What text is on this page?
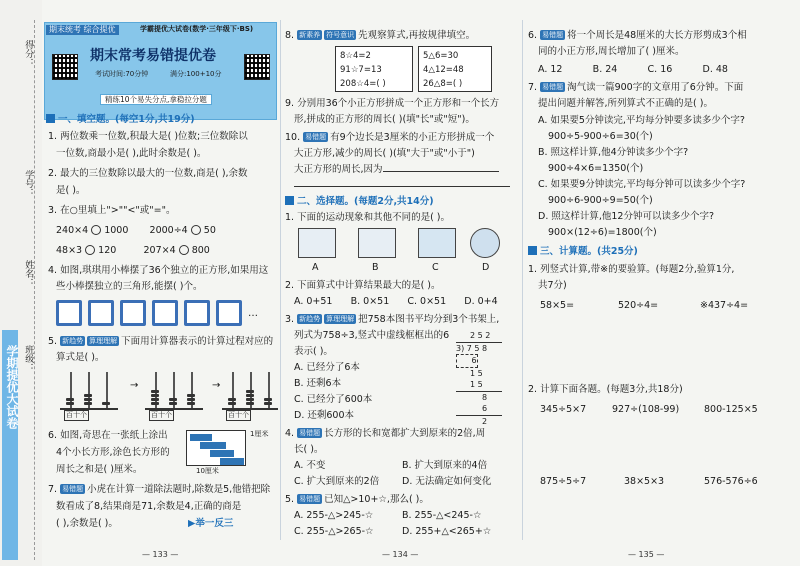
学期提优大试卷
得分：
学号：
姓名：
班级：
期末统考 综合提优	学霸提优大试卷(数学·三年级下·BS)
期末常考易错提优卷
考试时间:70分钟	满分:100+10分
精练10个易失分点,拿稳拉分题
一、填空题。(每空1分,共19分)
1. 两位数乘一位数,积最大是( )位数;三位数除以
一位数,商最小是( ),此时余数是( )。
2. 最大的三位数除以最大的一位数,商是( ),余数
是( )。
3. 在○里填上">""<"或"="。
240×4 1000 2000÷4 50
48×3 120	207×4 800
4. 如图,琪琪用小棒摆了36个独立的正方形,如果用这
些小棒摆独立的三角形,能摆( )个。
…
5. 新趋势 算理理解 下面用计算器表示的计算过程对应的
算式是( )。
百十个
→
百十个
→
百十个
6. 如图,奇思在一张纸上涂出
4个小长方形,涂色长方形的
周长之和是( )厘米。
1厘米
10厘米
7. 易错题 小虎在计算一道除法题时,除数是5,他错把除
数看成了8,结果商是71,余数是4,正确的商是
( ),余数是( )。	▶举一反三
— 133 —
8. 新素养 符号意识 先观察算式,再按规律填空。
8☆4=2
91☆7=13
208☆4=( )
5△6=30
4△12=48
26△8=( )
9. 分别用36个小正方形拼成一个正方形和一个长方
形,拼成的正方形的周长( )(填"长"或"短")。
10. 易错题 有9个边长是3厘米的小正方形拼成一个
大正方形,减少的周长( )(填"大于"或"小于")
大正方形的周长,因为
二、选择题。(每题2分,共14分)
1. 下面的运动现象和其他不同的是( )。
A	B	C	D
2. 下面算式中计算结果最大的是( )。
A. 0+51 B. 0×51 C. 0×51 D. 0+4
3. 新趋势 算理理解 把758本图书平均分到3个书架上,
列式为758÷3,竖式中虚线框框出的6
表示( )。
A. 已经分了6本
B. 还剩6本
C. 已经分了600本
D. 还剩600本
2 5 2
3) 7 5 8
6
1 5
1 5
8
6
2
4. 易错题 长方形的长和宽都扩大到原来的2倍,周
长( )。
A. 不变	B. 扩大到原来的4倍
C. 扩大到原来的2倍 D. 无法确定如何变化
5. 易错题 已知△>10+☆,那么( )。
A. 255-△>245-☆	B. 255-△<245-☆
C. 255-△>265-☆	D. 255+△<265+☆
— 134 —
6. 易错题 将一个周长是48厘米的大长方形剪成3个相
同的小正方形,周长增加了( )厘米。
A. 12	B. 24	C. 16	D. 48
7. 易错题 淘气读一篇900字的文章用了6分钟。下面
提出问题并解答,所列算式不正确的是( )。
A. 如果要5分钟读完,平均每分钟要多读多少个字?
900÷5-900÷6=30(个)
B. 照这样计算,他4分钟读多少个字?
900÷4×6=1350(个)
C. 如果要9分钟读完,平均每分钟可以读多少个字?
900÷6-900÷9=50(个)
D. 照这样计算,他12分钟可以读多少个字?
900×(12÷6)=1800(个)
三、计算题。(共25分)
1. 列竖式计算,带※的要验算。(每题2分,验算1分,
共7分)
58×5=	520÷4=	※437÷4=
2. 计算下面各题。(每题3分,共18分)
345÷5×7	927÷(108-99)	800-125×5
875÷5÷7	38×5×3	576-576÷6
— 135 —
